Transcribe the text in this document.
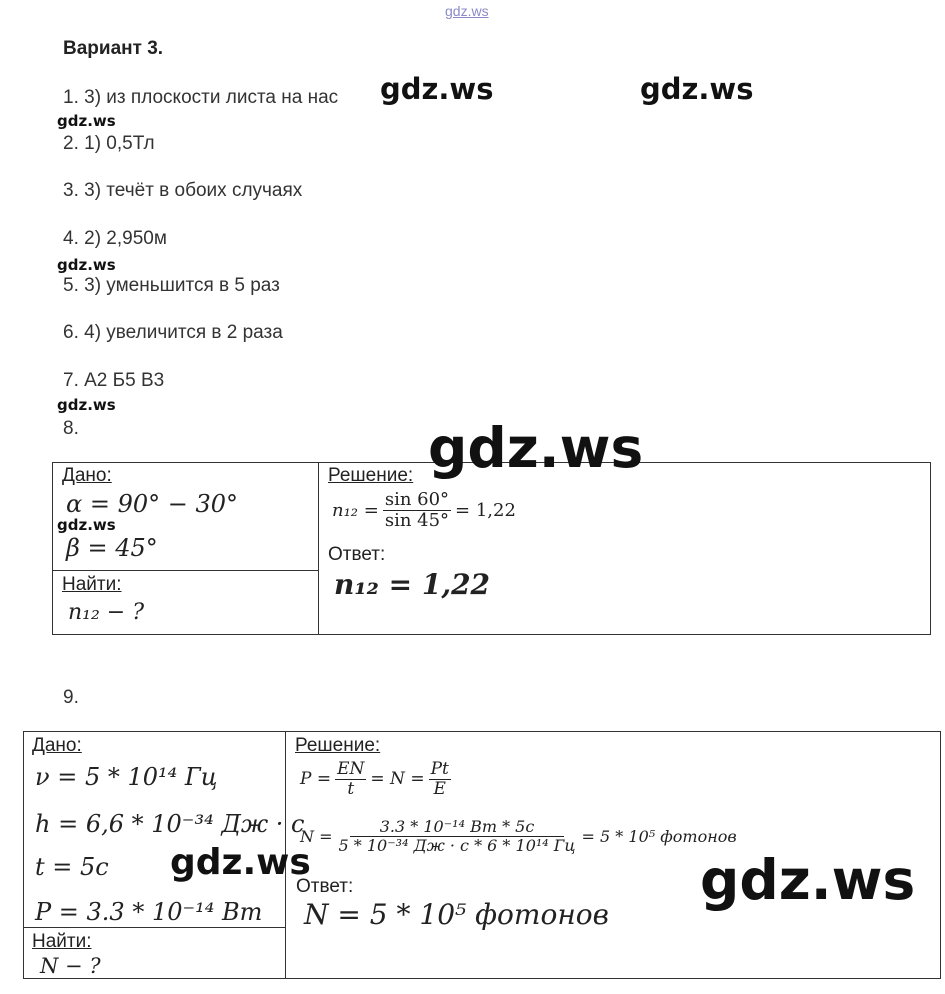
gdz.ws
Вариант 3.
1. 3) из плоскости листа на нас
2. 1) 0,5Тл
3. 3) течёт в обоих случаях
4. 2) 2,950м
5. 3) уменьшится в 5 раз
6. 4) увеличится в 2 раза
7. А2 Б5 В3
8.
Дано:
α = 90° − 30°
β = 45°
Найти:
n₁₂ − ?
Решение:
$n_{12} = \frac{\sin 60^\circ}{\sin 45^\circ} = 1,22$
Ответ:
n₁₂ = 1,22
9.
Дано:
ν = 5 * 10¹⁴ Гц
h = 6,6 * 10⁻³⁴ Дж · с
t = 5c
P = 3.3 * 10⁻¹⁴ Вт
Найти:
N − ?
Решение:
$P = \frac{EN}{t} = N = \frac{Pt}{E}$
$N = \frac{\text{3.3 * 10⁻¹⁴ Вт * 5с}}{\text{5 * 10⁻³⁴ Дж · с * 6 * 10¹⁴ Гц}} = 5 * 10^5$ фотонов
Ответ:
N = 5 * 10⁵ фотонов
gdz.ws	gdz.ws
gdz.ws
gdz.ws
gdz.ws
gdz.ws
gdz.ws
gdz.ws	gdz.ws
